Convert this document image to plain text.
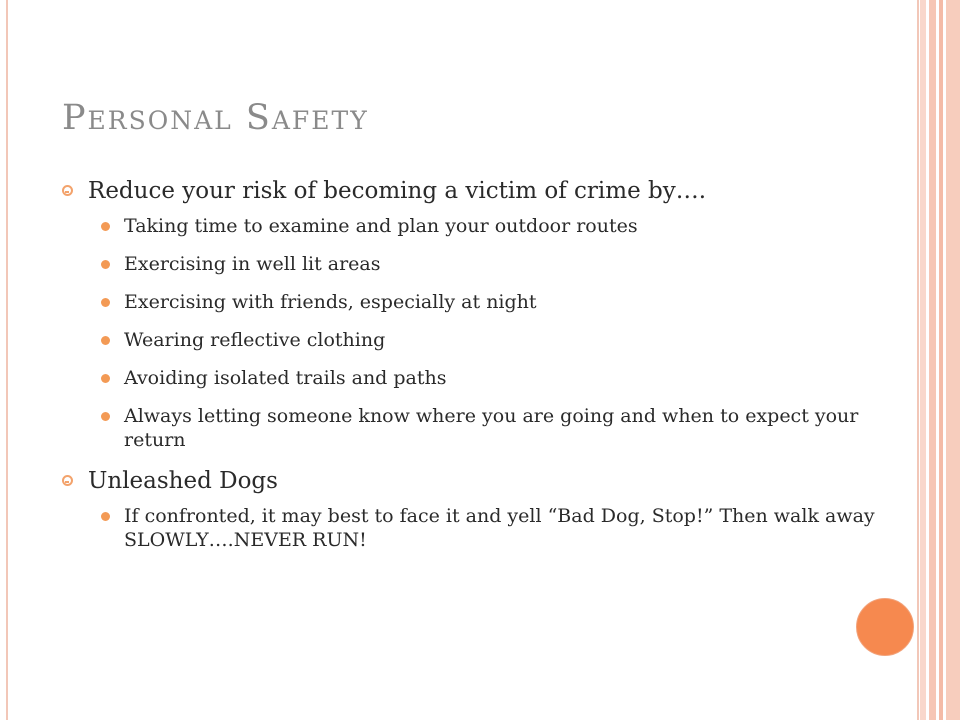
Personal Safety
Reduce your risk of becoming a victim of crime by….
Taking time to examine and plan your outdoor routes
Exercising in well lit areas
Exercising with friends, especially at night
Wearing reflective clothing
Avoiding isolated trails and paths
Always letting someone know where you are going and when to expect your return
Unleashed Dogs
If confronted, it may best to face it and yell “Bad Dog, Stop!” Then walk away SLOWLY….NEVER RUN!
